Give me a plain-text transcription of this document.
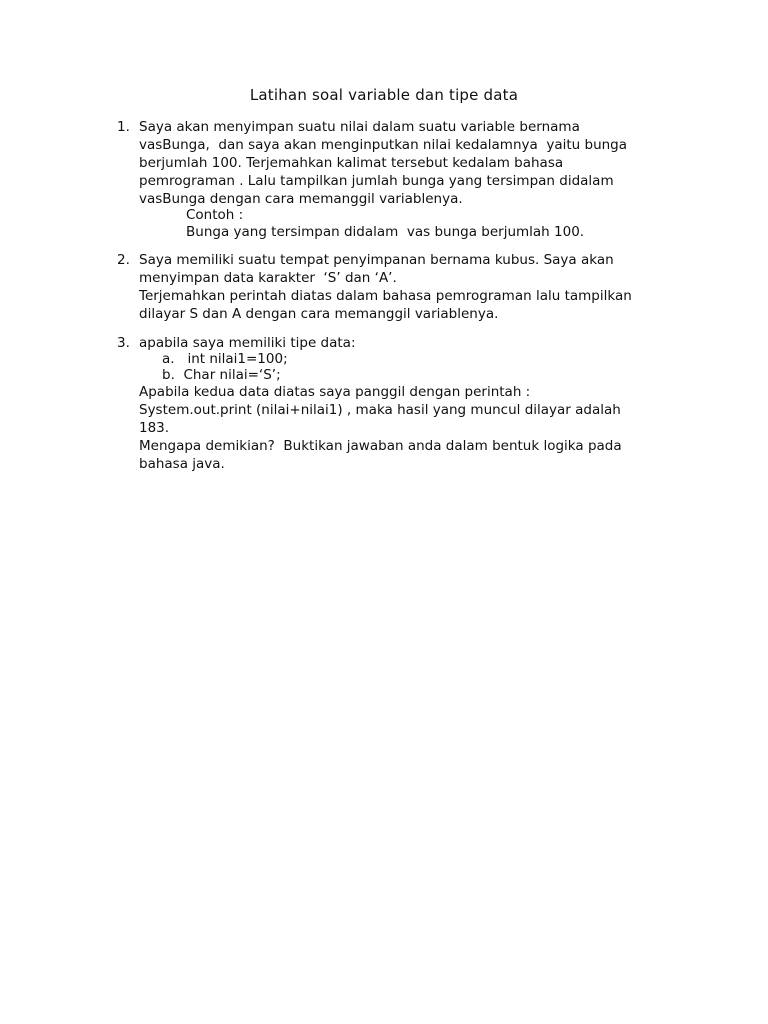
Latihan soal variable dan tipe data
1. Saya akan menyimpan suatu nilai dalam suatu variable bernama
vasBunga,  dan saya akan menginputkan nilai kedalamnya  yaitu bunga
berjumlah 100. Terjemahkan kalimat tersebut kedalam bahasa
pemrograman . Lalu tampilkan jumlah bunga yang tersimpan didalam
vasBunga dengan cara memanggil variablenya.
Contoh :
Bunga yang tersimpan didalam  vas bunga berjumlah 100.
2. Saya memiliki suatu tempat penyimpanan bernama kubus. Saya akan
menyimpan data karakter  ‘S’ dan ‘A’.
Terjemahkan perintah diatas dalam bahasa pemrograman lalu tampilkan
dilayar S dan A dengan cara memanggil variablenya.
3. apabila saya memiliki tipe data:
a.   int nilai1=100;
b.  Char nilai=‘S’;
Apabila kedua data diatas saya panggil dengan perintah :
System.out.print (nilai+nilai1) , maka hasil yang muncul dilayar adalah
183.
Mengapa demikian?  Buktikan jawaban anda dalam bentuk logika pada
bahasa java.
